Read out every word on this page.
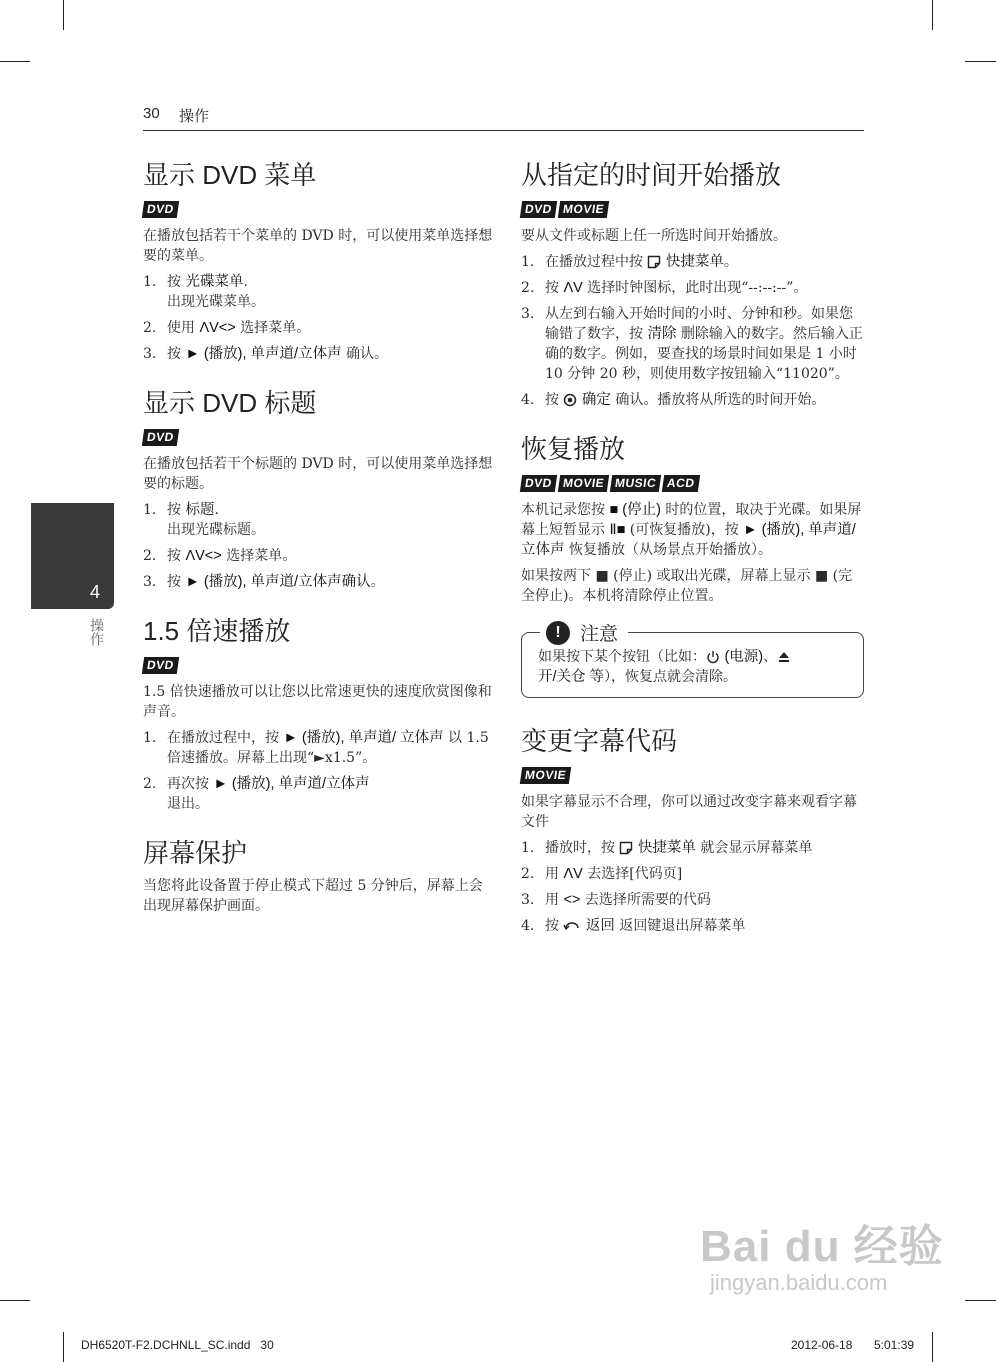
30 操作
4
操作
显示 DVD 菜单
DVD

在播放包括若干个菜单的 DVD 时，可以使用菜单选择想要的菜单。

1. 按 光碟菜单.
出现光碟菜单。
2. 使用 ΛV<> 选择菜单。
3. 按 ► (播放), 单声道/立体声 确认。
显示 DVD 标题
DVD

在播放包括若干个标题的 DVD 时，可以使用菜单选择想要的标题。

1. 按 标题.
出现光碟标题。
2. 按 ΛV<> 选择菜单。
3. 按 ► (播放), 单声道/立体声确认。
1.5 倍速播放
DVD

1.5 倍快速播放可以让您以比常速更快的速度欣赏图像和声音。

1. 在播放过程中，按 ► (播放), 单声道/ 立体声 以 1.5 倍速播放。屏幕上出现“►x1.5”。
2. 再次按 ► (播放), 单声道/立体声
退出。
屏幕保护

当您将此设备置于停止模式下超过 5 分钟后，屏幕上会出现屏幕保护画面。

从指定的时间开始播放
DVD MOVIE

要从文件或标题上任一所选时间开始播放。

1. 在播放过程中按  快捷菜单。
2. 按 ΛV 选择时钟图标，此时出现“--:--:--”。
3. 从左到右输入开始时间的小时、分钟和秒。如果您输错了数字，按 清除 删除输入的数字。然后输入正确的数字。例如，要查找的场景时间如果是 1 小时 10 分钟 20 秒，则使用数字按钮输入“11020”。
4. 按  确定 确认。播放将从所选的时间开始。
恢复播放
DVD MOVIE MUSIC ACD

本机记录您按 ■ (停止) 时的位置，取决于光碟。如果屏幕上短暂显示 Ⅱ■ (可恢复播放)，按 ► (播放), 单声道/立体声 恢复播放（从场景点开始播放）。

如果按两下 ■ (停止) 或取出光碟，屏幕上显示 ■ (完全停止)。本机将清除停止位置。

!	注意

如果按下某个按钮（比如： (电源)、
开/关仓 等），恢复点就会清除。

变更字幕代码
MOVIE

如果字幕显示不合理，你可以通过改变字幕来观看字幕文件

1. 播放时，按  快捷菜单 就会显示屏幕菜单
2. 用 ΛV 去选择[代码页]
3. 用 <> 去选择所需要的代码
4. 按  返回 返回键退出屏幕菜单
Bai du 经验
jingyan.baidu.com
DH6520T-F2.DCHNLL_SC.indd   30	2012-06-18 5:01:39
